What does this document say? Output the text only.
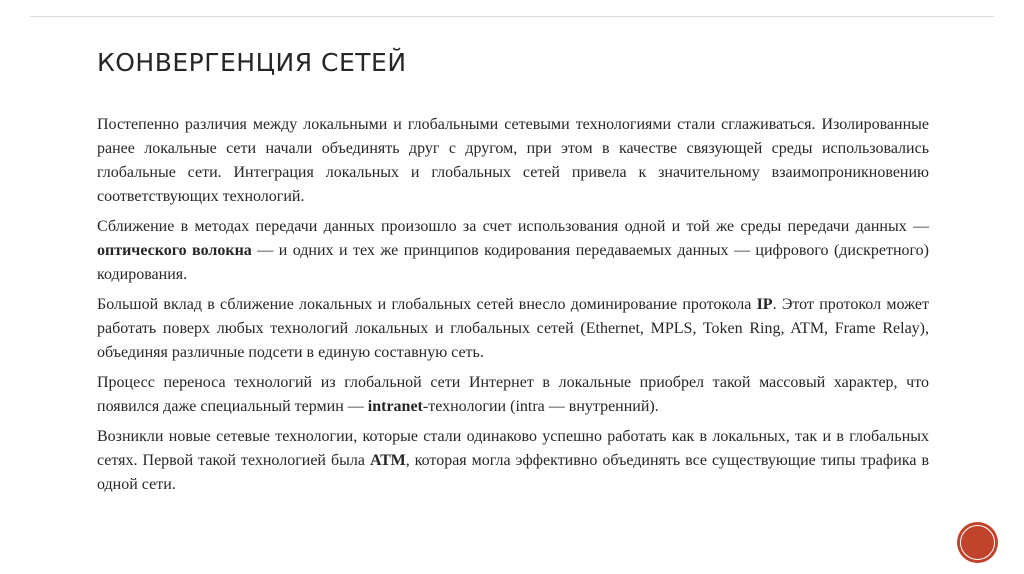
КОНВЕРГЕНЦИЯ СЕТЕЙ

Постепенно различия между локальными и глобальными сетевыми технологиями стали сглаживаться. Изолированные ранее локальные сети начали объединять друг с другом, при этом в качестве связующей среды использовались глобальные сети. Интеграция локальных и глобальных сетей привела к значительному взаимопроникновению соответствующих технологий.

Сближение в методах передачи данных произошло за счет использования одной и той же среды передачи данных — оптического волокна — и одних и тех же принципов кодирования передаваемых данных — цифрового (дискретного) кодирования.

Большой вклад в сближение локальных и глобальных сетей внесло доминирование протокола IP. Этот протокол может работать поверх любых технологий локальных и глобальных сетей (Ethernet, MPLS, Token Ring, ATM, Frame Relay), объединяя различные подсети в единую составную сеть.

Процесс переноса технологий из глобальной сети Интернет в локальные приобрел такой массовый характер, что появился даже специальный термин — intranet-технологии (intra — внутренний).

Возникли новые сетевые технологии, которые стали одинаково успешно работать как в локальных, так и в глобальных сетях. Первой такой технологией была АТМ, которая могла эффективно объединять все существующие типы трафика в одной сети.
